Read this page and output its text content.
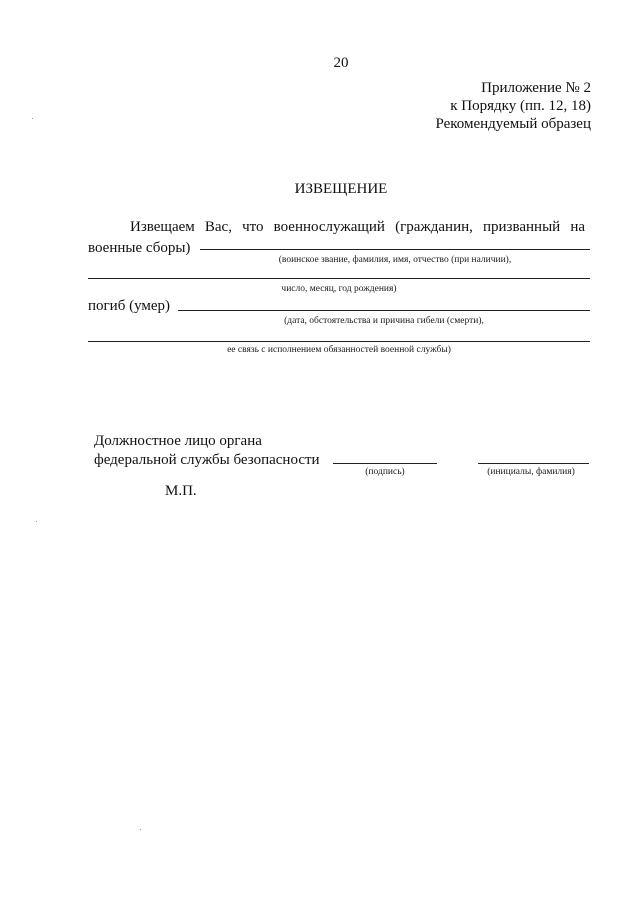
20
Приложение № 2
к Порядку (пп. 12, 18)
Рекомендуемый образец
ИЗВЕЩЕНИЕ
Извещаем Вас, что военнослужащий (гражданин, призванный на
военные сборы)
(воинское звание, фамилия, имя, отчество (при наличии),
число, месяц, год рождения)
погиб (умер)
(дата, обстоятельства и причина гибели (смерти),
ее связь с исполнением обязанностей военной службы)
Должностное лицо органа
федеральной службы безопасности
(подпись)	(инициалы, фамилия)
М.П.
